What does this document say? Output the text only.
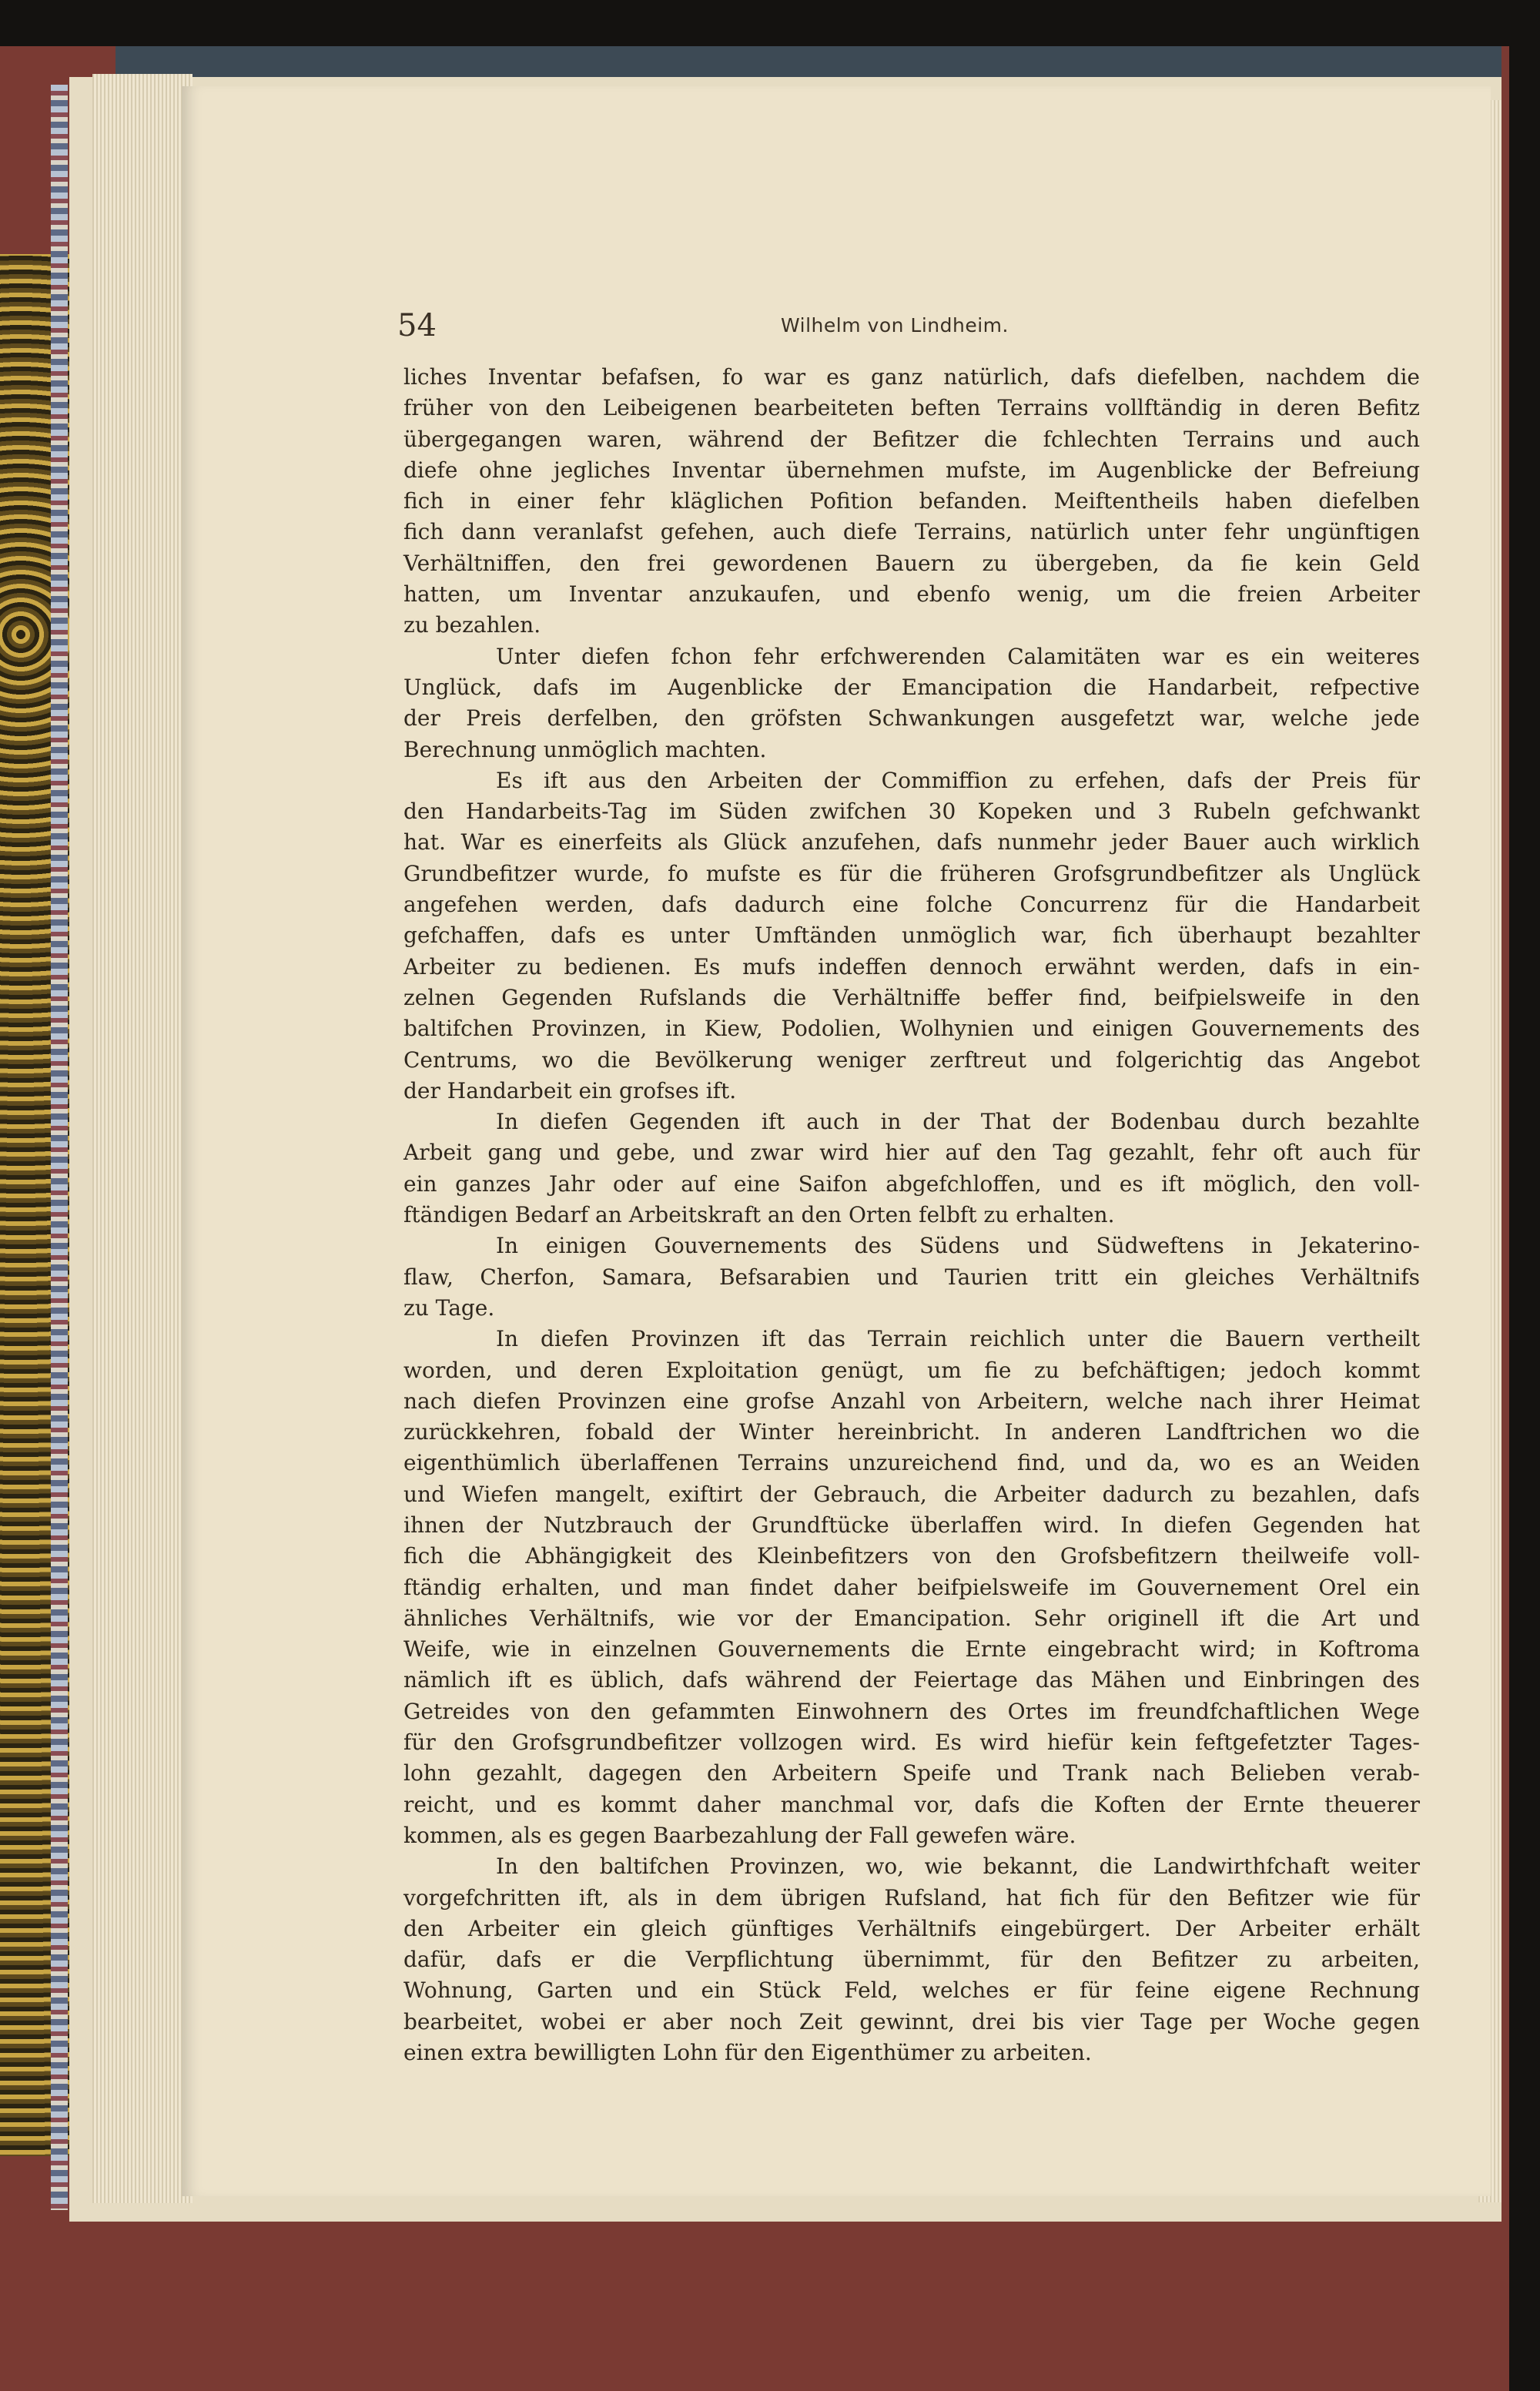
54	Wilhelm von Lindheim.
liches Inventar befafsen, fo war es ganz natürlich, dafs diefelben, nachdem die
früher von den Leibeigenen bearbeiteten beften Terrains vollftändig in deren Befitz
übergegangen waren, während der Befitzer die fchlechten Terrains und auch
diefe ohne jegliches Inventar übernehmen mufste, im Augenblicke der Befreiung
fich in einer fehr kläglichen Pofition befanden. Meiftentheils haben diefelben
fich dann veranlafst gefehen, auch diefe Terrains, natürlich unter fehr ungünftigen
Verhältniffen, den frei gewordenen Bauern zu übergeben, da fie kein Geld
hatten, um Inventar anzukaufen, und ebenfo wenig, um die freien Arbeiter
zu bezahlen.
Unter diefen fchon fehr erfchwerenden Calamitäten war es ein weiteres
Unglück, dafs im Augenblicke der Emancipation die Handarbeit, refpective
der Preis derfelben, den gröfsten Schwankungen ausgefetzt war, welche jede
Berechnung unmöglich machten.
Es ift aus den Arbeiten der Commiffion zu erfehen, dafs der Preis für
den Handarbeits-Tag im Süden zwifchen 30 Kopeken und 3 Rubeln gefchwankt
hat. War es einerfeits als Glück anzufehen, dafs nunmehr jeder Bauer auch wirklich
Grundbefitzer wurde, fo mufste es für die früheren Grofsgrundbefitzer als Unglück
angefehen werden, dafs dadurch eine folche Concurrenz für die Handarbeit
gefchaffen, dafs es unter Umftänden unmöglich war, fich überhaupt bezahlter
Arbeiter zu bedienen. Es mufs indeffen dennoch erwähnt werden, dafs in ein-
zelnen Gegenden Rufslands die Verhältniffe beffer find, beifpielsweife in den
baltifchen Provinzen, in Kiew, Podolien, Wolhynien und einigen Gouvernements des
Centrums, wo die Bevölkerung weniger zerftreut und folgerichtig das Angebot
der Handarbeit ein grofses ift.
In diefen Gegenden ift auch in der That der Bodenbau durch bezahlte
Arbeit gang und gebe, und zwar wird hier auf den Tag gezahlt, fehr oft auch für
ein ganzes Jahr oder auf eine Saifon abgefchloffen, und es ift möglich, den voll-
ftändigen Bedarf an Arbeitskraft an den Orten felbft zu erhalten.
In einigen Gouvernements des Südens und Südweftens in Jekaterino-
flaw, Cherfon, Samara, Befsarabien und Taurien tritt ein gleiches Verhältnifs
zu Tage.
In diefen Provinzen ift das Terrain reichlich unter die Bauern vertheilt
worden, und deren Exploitation genügt, um fie zu befchäftigen; jedoch kommt
nach diefen Provinzen eine grofse Anzahl von Arbeitern, welche nach ihrer Heimat
zurückkehren, fobald der Winter hereinbricht. In anderen Landftrichen wo die
eigenthümlich überlaffenen Terrains unzureichend find, und da, wo es an Weiden
und Wiefen mangelt, exiftirt der Gebrauch, die Arbeiter dadurch zu bezahlen, dafs
ihnen der Nutzbrauch der Grundftücke überlaffen wird. In diefen Gegenden hat
fich die Abhängigkeit des Kleinbefitzers von den Grofsbefitzern theilweife voll-
ftändig erhalten, und man findet daher beifpielsweife im Gouvernement Orel ein
ähnliches Verhältnifs, wie vor der Emancipation. Sehr originell ift die Art und
Weife, wie in einzelnen Gouvernements die Ernte eingebracht wird; in Koftroma
nämlich ift es üblich, dafs während der Feiertage das Mähen und Einbringen des
Getreides von den gefammten Einwohnern des Ortes im freundfchaftlichen Wege
für den Grofsgrundbefitzer vollzogen wird. Es wird hiefür kein feftgefetzter Tages-
lohn gezahlt, dagegen den Arbeitern Speife und Trank nach Belieben verab-
reicht, und es kommt daher manchmal vor, dafs die Koften der Ernte theuerer
kommen, als es gegen Baarbezahlung der Fall gewefen wäre.
In den baltifchen Provinzen, wo, wie bekannt, die Landwirthfchaft weiter
vorgefchritten ift, als in dem übrigen Rufsland, hat fich für den Befitzer wie für
den Arbeiter ein gleich günftiges Verhältnifs eingebürgert. Der Arbeiter erhält
dafür, dafs er die Verpflichtung übernimmt, für den Befitzer zu arbeiten,
Wohnung, Garten und ein Stück Feld, welches er für feine eigene Rechnung
bearbeitet, wobei er aber noch Zeit gewinnt, drei bis vier Tage per Woche gegen
einen extra bewilligten Lohn für den Eigenthümer zu arbeiten.
